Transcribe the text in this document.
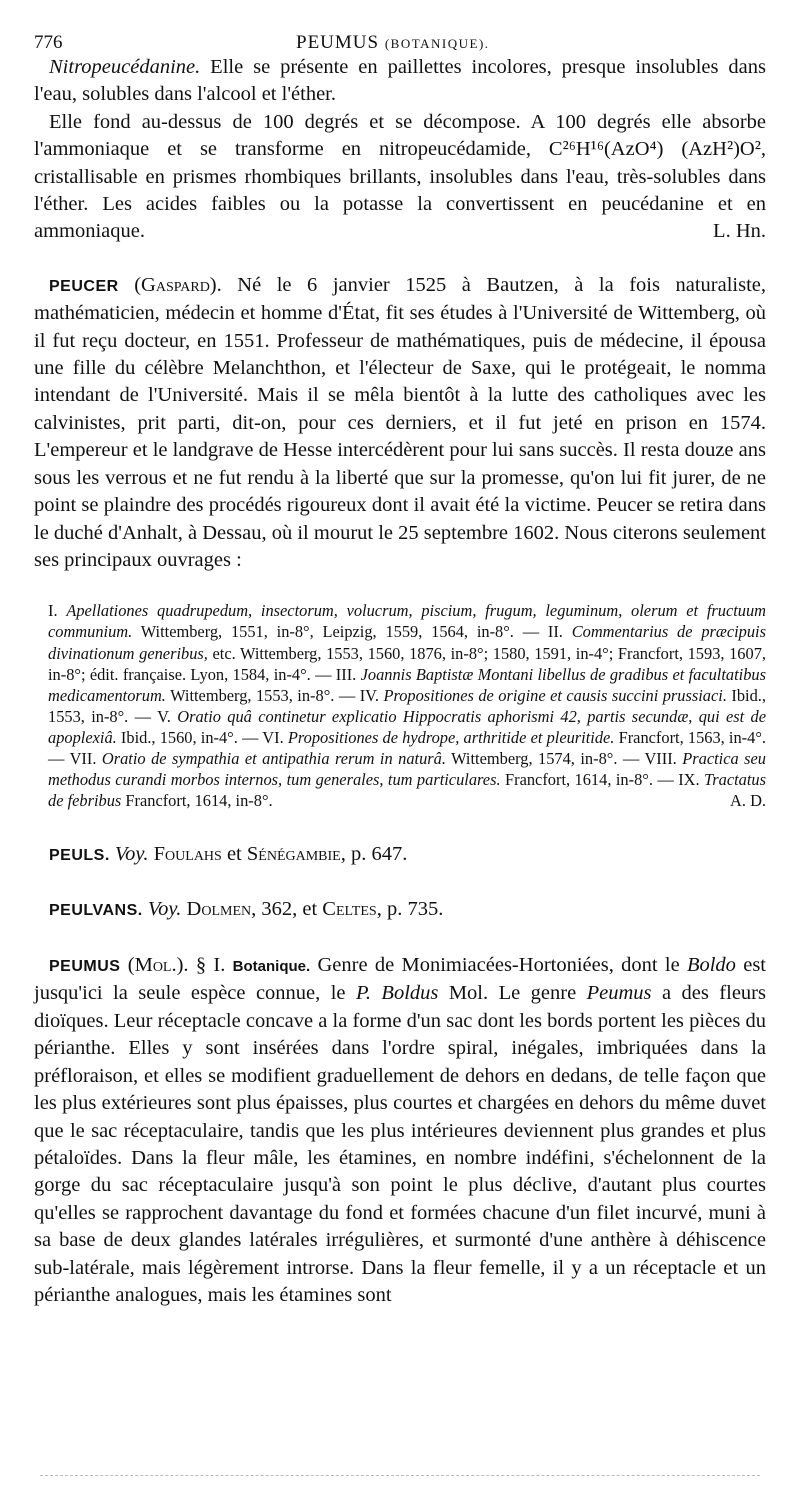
776	PEUMUS (BOTANIQUE).

Nitropeucédanine. Elle se présente en paillettes incolores, presque insolubles dans l'eau, solubles dans l'alcool et l'éther.

Elle fond au-dessus de 100 degrés et se décompose. A 100 degrés elle absorbe l'ammoniaque et se transforme en nitropeucédamide, C²⁶H¹⁶(AzO⁴) (AzH²)O², cristallisable en prismes rhombiques brillants, insolubles dans l'eau, très-solubles dans l'éther. Les acides faibles ou la potasse la convertissent en peucédanine et en ammoniaque.	L. Hn.

PEUCER (Gaspard). Né le 6 janvier 1525 à Bautzen, à la fois naturaliste, mathématicien, médecin et homme d'État, fit ses études à l'Université de Wittemberg, où il fut reçu docteur, en 1551. Professeur de mathématiques, puis de médecine, il épousa une fille du célèbre Melanchthon, et l'électeur de Saxe, qui le protégeait, le nomma intendant de l'Université. Mais il se mêla bientôt à la lutte des catholiques avec les calvinistes, prit parti, dit-on, pour ces derniers, et il fut jeté en prison en 1574. L'empereur et le landgrave de Hesse intercédèrent pour lui sans succès. Il resta douze ans sous les verrous et ne fut rendu à la liberté que sur la promesse, qu'on lui fit jurer, de ne point se plaindre des procédés rigoureux dont il avait été la victime. Peucer se retira dans le duché d'Anhalt, à Dessau, où il mourut le 25 septembre 1602. Nous citerons seulement ses principaux ouvrages :

I. Apellationes quadrupedum, insectorum, volucrum, piscium, frugum, leguminum, olerum et fructuum communium. Wittemberg, 1551, in-8°, Leipzig, 1559, 1564, in-8°. — II. Commentarius de præcipuis divinationum generibus, etc. Wittemberg, 1553, 1560, 1876, in-8°; 1580, 1591, in-4°; Francfort, 1593, 1607, in-8°; édit. française. Lyon, 1584, in-4°. — III. Joannis Baptistæ Montani libellus de gradibus et facultatibus medicamentorum. Wittemberg, 1553, in-8°. — IV. Propositiones de origine et causis succini prussiaci. Ibid., 1553, in-8°. — V. Oratio quâ continetur explicatio Hippocratis aphorismi 42, partis secundæ, qui est de apoplexiâ. Ibid., 1560, in-4°. — VI. Propositiones de hydrope, arthritide et pleuritide. Francfort, 1563, in-4°. — VII. Oratio de sympathia et antipathia rerum in naturâ. Wittemberg, 1574, in-8°. — VIII. Practica seu methodus curandi morbos internos, tum generales, tum particulares. Francfort, 1614, in-8°. — IX. Tractatus de febribus Francfort, 1614, in-8°.	A. D.

PEULS. Voy. Foulahs et Sénégambie, p. 647.

PEULVANS. Voy. Dolmen, 362, et Celtes, p. 735.

PEUMUS (Mol.). § I. Botanique. Genre de Monimiacées-Hortoniées, dont le Boldo est jusqu'ici la seule espèce connue, le P. Boldus Mol. Le genre Peumus a des fleurs dioïques. Leur réceptacle concave a la forme d'un sac dont les bords portent les pièces du périanthe. Elles y sont insérées dans l'ordre spiral, inégales, imbriquées dans la préfloraison, et elles se modifient graduellement de dehors en dedans, de telle façon que les plus extérieures sont plus épaisses, plus courtes et chargées en dehors du même duvet que le sac réceptaculaire, tandis que les plus intérieures deviennent plus grandes et plus pétaloïdes. Dans la fleur mâle, les étamines, en nombre indéfini, s'échelonnent de la gorge du sac réceptaculaire jusqu'à son point le plus déclive, d'autant plus courtes qu'elles se rapprochent davantage du fond et formées chacune d'un filet incurvé, muni à sa base de deux glandes latérales irrégulières, et surmonté d'une anthère à déhiscence sub-latérale, mais légèrement introrse. Dans la fleur femelle, il y a un réceptacle et un périanthe analogues, mais les étamines sont
